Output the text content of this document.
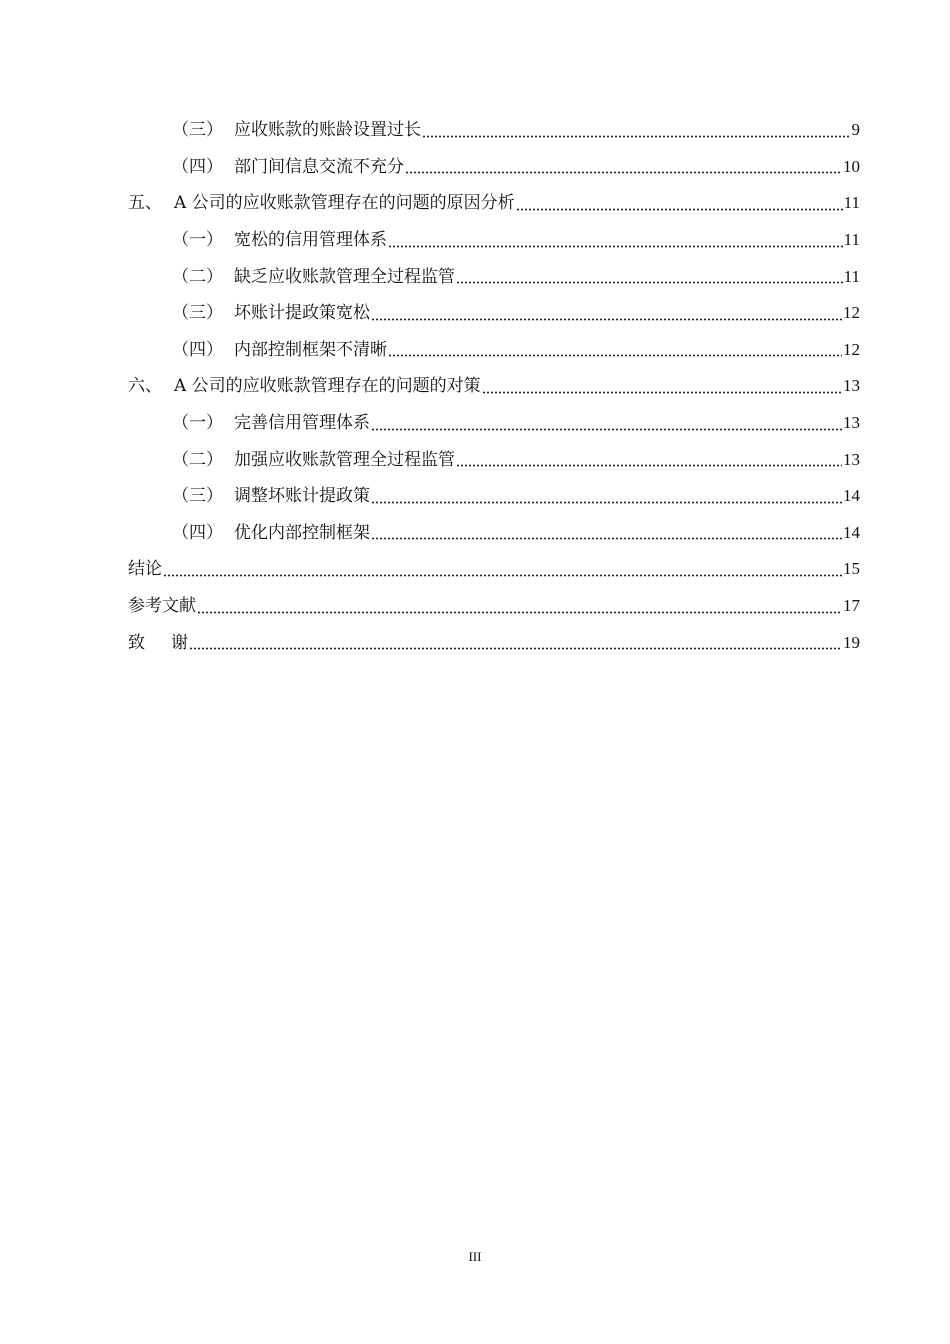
（三） 应收账款的账龄设置过长	9
（四） 部门间信息交流不充分	10
五、 A 公司的应收账款管理存在的问题的原因分析	11
（一） 宽松的信用管理体系	11
（二） 缺乏应收账款管理全过程监管	11
（三） 坏账计提政策宽松	12
（四） 内部控制框架不清晰	12
六、 A 公司的应收账款管理存在的问题的对策	13
（一） 完善信用管理体系	13
（二） 加强应收账款管理全过程监管	13
（三） 调整坏账计提政策	14
（四） 优化内部控制框架	14
结论	15
参考文献	17
致 谢	19
III
